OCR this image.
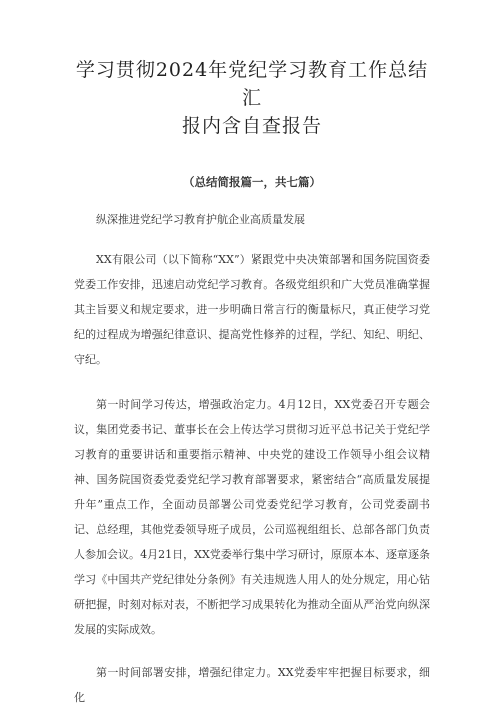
学习贯彻2024年党纪学习教育工作总结汇
报内含自查报告
（总结简报篇一，共七篇）
纵深推进党纪学习教育护航企业高质量发展

XX有限公司（以下简称“XX”）紧跟党中央决策部署和国务院国资委党委工作安排，迅速启动党纪学习教育。各级党组织和广大党员准确掌握其主旨要义和规定要求，进一步明确日常言行的衡量标尺，真正使学习党纪的过程成为增强纪律意识、提高党性修养的过程，学纪、知纪、明纪、守纪。

第一时间学习传达，增强政治定力。4月12日，XX党委召开专题会议，集团党委书记、董事长在会上传达学习贯彻习近平总书记关于党纪学习教育的重要讲话和重要指示精神、中央党的建设工作领导小组会议精神、国务院国资委党委党纪学习教育部署要求，紧密结合“高质量发展提升年”重点工作，全面动员部署公司党委党纪学习教育，公司党委副书记、总经理，其他党委领导班子成员，公司巡视组组长、总部各部门负责人参加会议。4月21日，XX党委举行集中学习研讨，原原本本、逐章逐条学习《中国共产党纪律处分条例》有关违规选人用人的处分规定，用心钻研把握，时刻对标对表，不断把学习成果转化为推动全面从严治党向纵深发展的实际成效。

第一时间部署安排，增强纪律定力。XX党委牢牢把握目标要求，细化
